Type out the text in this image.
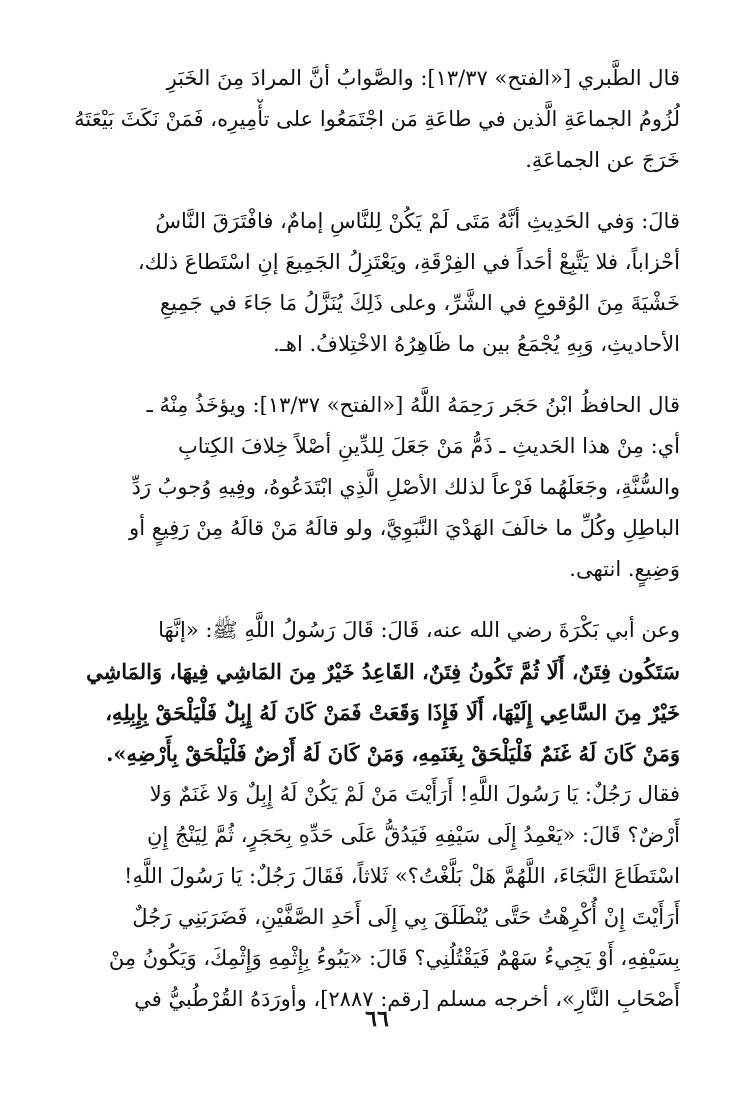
قال الطَّبري [«الفتح» ١٣/٣٧]: والصَّوابُ أنَّ المرادَ مِنَ الخَبَرِ
لُزُومُ الجماعَةِ الَّذين في طاعَةِ مَن اجْتَمَعُوا على تأْمِيرِه، فَمَنْ نَكَثَ بَيْعَتَهُ
خَرَجَ عن الجماعَةِ.
قالَ: وَفي الحَدِيثِ أنَّهُ مَتَى لَمْ يَكُنْ لِلنَّاسِ إمامٌ، فافْتَرَقَ النَّاسُ
أحْزاباً، فلا يَتَّبِعْ أحَداً في الفِرْقَةِ، ويَعْتَزِلُ الجَمِيعَ إنِ اسْتَطاعَ ذلك،
خَشْيَةَ مِنَ الوُقوعِ في الشَّرِّ، وعلى ذَلِكَ يُنَزَّلُ مَا جَاءَ في جَمِيعِ
الأحاديثِ، وَبِهِ يُجْمَعُ بين ما ظَاهِرُهُ الاخْتِلافُ. اهـ.
قال الحافظُ ابْنُ حَجَر رَحِمَهُ اللَّهُ [«الفتح» ١٣/٣٧]: ويؤخَذُ مِنْهُ ـ
أي: مِنْ هذا الحَديثِ ـ ذَمُّ مَنْ جَعَلَ لِلدِّينِ أصْلاً خِلافَ الكِتابِ
والسُّنَّةِ، وجَعَلَهُما فَرْعاً لذلك الأصْلِ الَّذِي ابْتَدَعُوهُ، وفِيهِ وُجوبُ رَدِّ
الباطِلِ وكُلِّ ما خالَفَ الهَدْيَ النَّبَوِيَّ، ولو قالَهُ مَنْ قالَهُ مِنْ رَفِيعٍ أو
وَضِيعٍ. انتهى.
وعن أبي بَكْرَةَ رضي الله عنه، قَالَ: قَالَ رَسُولُ اللَّهِ ﷺ: «إنَّهَا
سَتَكُون فِتَنٌ، أَلَا ثُمَّ تَكُونُ فِتَنٌ، القَاعِدُ خَيْرٌ مِنَ المَاشِي فِيهَا، وَالمَاشِي
خَيْرٌ مِنَ السَّاعِي إِلَيْهَا، أَلَا فَإِذَا وَقَعَتْ فَمَنْ كَانَ لَهُ إِبِلٌ فَلْيَلْحَقْ بِإِبِلِهِ،
وَمَنْ كَانَ لَهُ غَنَمٌ فَلْيَلْحَقْ بِغَنَمِهِ، وَمَنْ كَانَ لَهُ أَرْضٌ فَلْيَلْحَقْ بِأَرْضِهِ».
فقال رَجُلٌ: يَا رَسُولَ اللَّهِ! أَرَأَيْتَ مَنْ لَمْ يَكُنْ لَهُ إِبِلٌ وَلا غَنَمٌ وَلا
أَرْضٌ؟ قَالَ: «يَعْمِدُ إِلَى سَيْفِهِ فَيَدُقُّ عَلَى حَدِّهِ بِحَجَرٍ، ثُمَّ لِيَنْجُ إِنِ
اسْتَطَاعَ النَّجَاءَ، اللَّهُمَّ هَلْ بَلَّغْتُ؟» ثَلاثاً، فَقَالَ رَجُلٌ: يَا رَسُولَ اللَّهِ!
أَرَأَيْتَ إِنْ أُكْرِهْتُ حَتَّى يُنْطَلَقَ بِي إِلَى أَحَدِ الصَّفَّيْنِ، فَضَرَبَنِي رَجُلٌ
بِسَيْفِهِ، أَوْ يَجِيءُ سَهْمٌ فَيَقْتُلُنِي؟ قَالَ: «يَبُوءُ بِإِثْمِهِ وَإِثْمِكَ، وَيَكُونُ مِنْ
أَصْحَابِ النَّارِ»، أخرجه مسلم [رقم: ٢٨٨٧]، وأورَدَهُ القُرْطُبيُّ في
٦٦
